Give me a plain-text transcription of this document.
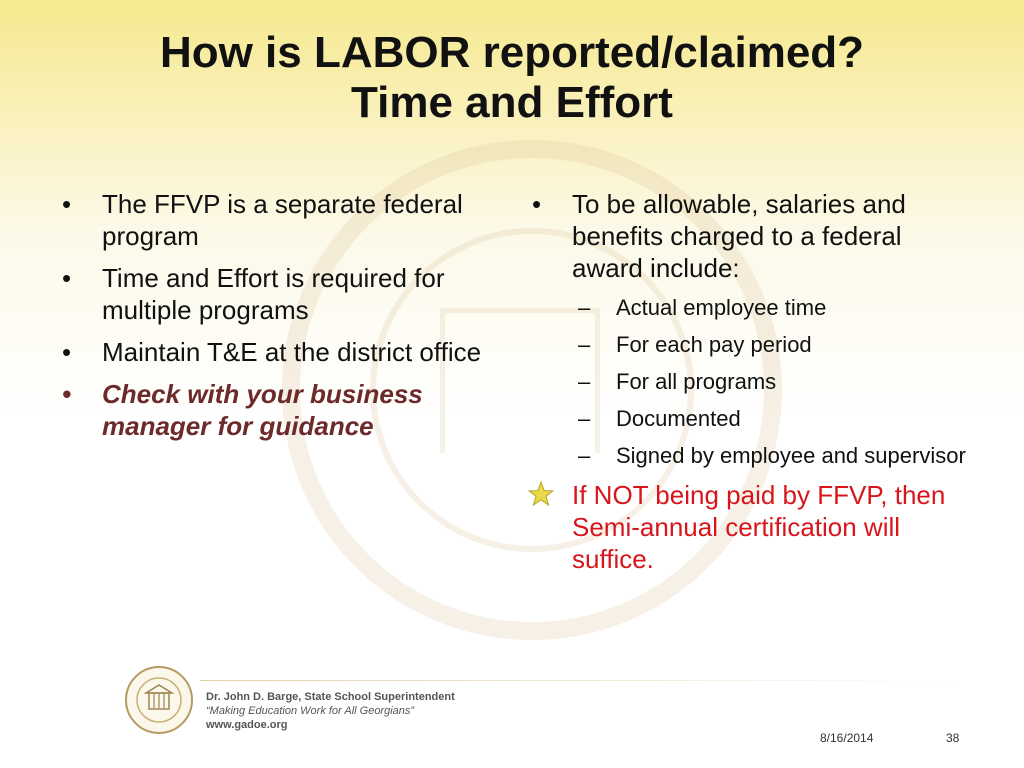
How is LABOR reported/claimed?
Time and Effort
• The FFVP is a separate federal program
• Time and Effort is required for multiple programs
• Maintain T&E at the district office
• Check with your business manager for guidance
• To be allowable, salaries and benefits charged to a federal award include:
– Actual employee time
– For each pay period
– For all programs
– Documented
– Signed by employee and supervisor
If NOT being paid by FFVP, then Semi-annual certification will suffice.
Dr. John D. Barge, State School Superintendent
“Making Education Work for All Georgians”
www.gadoe.org
8/16/2014	38
